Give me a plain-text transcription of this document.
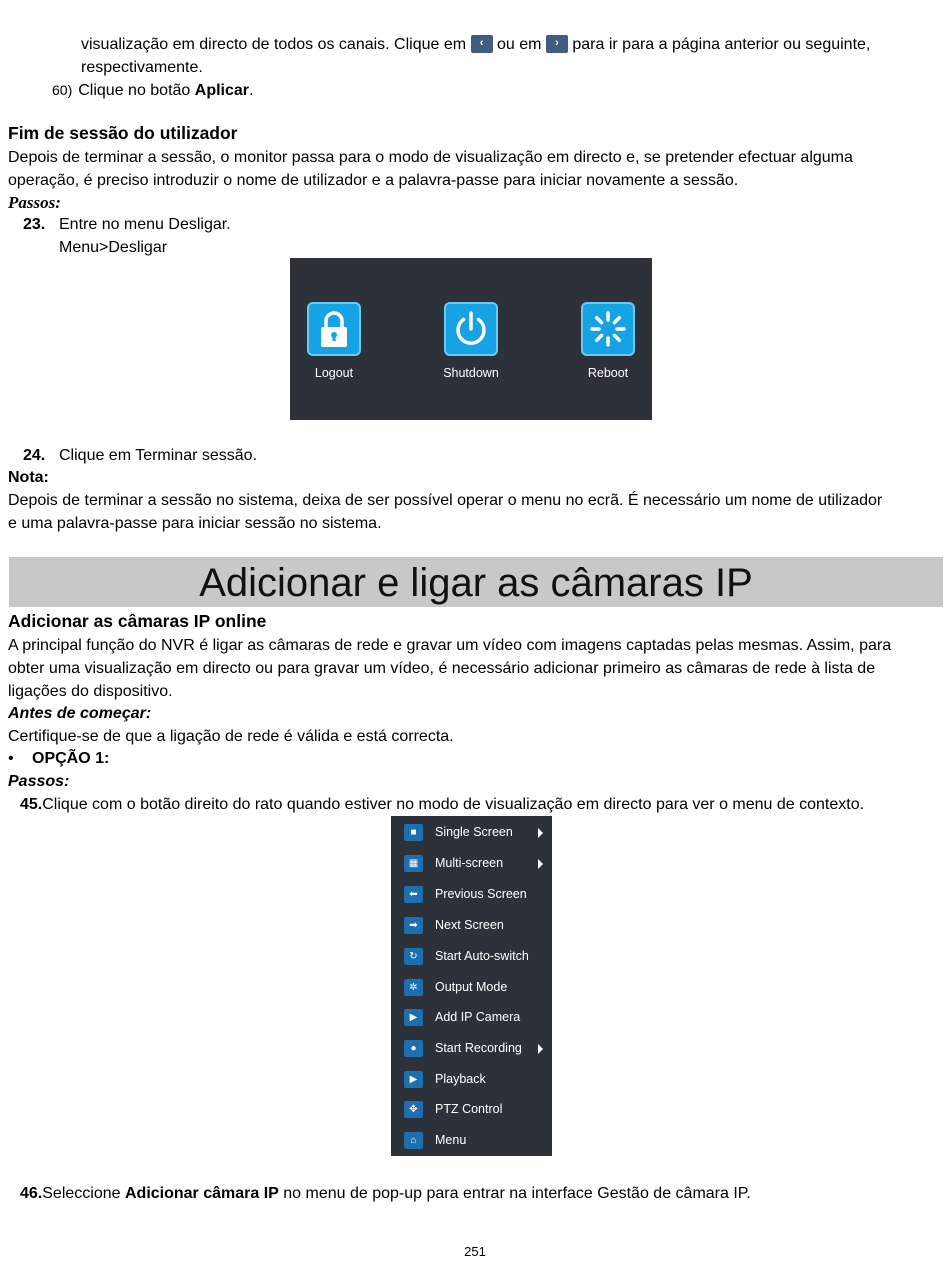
visualização em directo de todos os canais. Clique em ‹ ou em › para ir para a página anterior ou seguinte,
respectivamente.
60) Clique no botão Aplicar.
Fim de sessão do utilizador
Depois de terminar a sessão, o monitor passa para o modo de visualização em directo e, se pretender efectuar alguma
operação, é preciso introduzir o nome de utilizador e a palavra-passe para iniciar novamente a sessão.
Passos:
23. Entre no menu Desligar.
Menu>Desligar
Logout	Shutdown	Reboot
24. Clique em Terminar sessão.
Nota:
Depois de terminar a sessão no sistema, deixa de ser possível operar o menu no ecrã. É necessário um nome de utilizador
e uma palavra-passe para iniciar sessão no sistema.
Adicionar e ligar as câmaras IP
Adicionar as câmaras IP online
A principal função do NVR é ligar as câmaras de rede e gravar um vídeo com imagens captadas pelas mesmas. Assim, para
obter uma visualização em directo ou para gravar um vídeo, é necessário adicionar primeiro as câmaras de rede à lista de
ligações do dispositivo.
Antes de começar:
Certifique-se de que a ligação de rede é válida e está correcta.
• OPÇÃO 1:
Passos:
45.Clique com o botão direito do rato quando estiver no modo de visualização em directo para ver o menu de contexto.
■	Single Screen
▦	Multi-screen
⬅	Previous Screen
➡	Next Screen
↻	Start Auto-switch
✲	Output Mode
▶	Add IP Camera
●	Start Recording
▶	Playback
✥	PTZ Control
⌂	Menu
46.Seleccione Adicionar câmara IP no menu de pop-up para entrar na interface Gestão de câmara IP.
251
